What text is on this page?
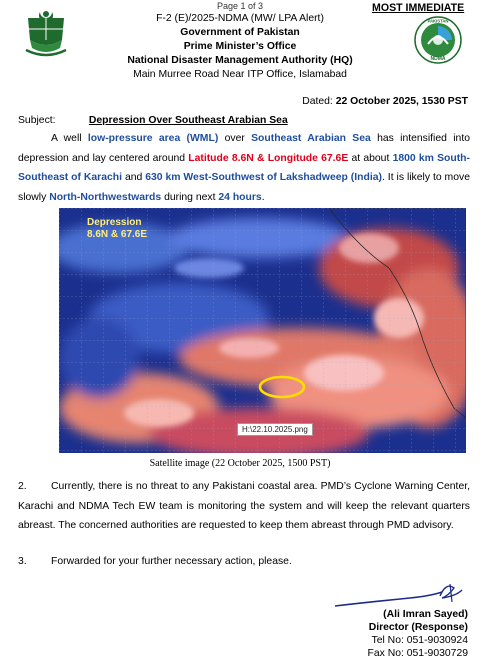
Page 1 of 3
F-2 (E)/2025-NDMA (MW/ LPA Alert)
Government of Pakistan
Prime Minister’s Office
National Disaster Management Authority (HQ)
Main Murree Road Near ITP Office, Islamabad
MOST IMMEDIATE
PAKISTAN
NDMA
Dated: 22 October 2025, 1530 PST
Subject:	Depression Over Southeast Arabian Sea
A well low-pressure area (WML) over Southeast Arabian Sea has intensified into depression and lay centered around Latitude 8.6N & Longitude 67.6E at about 1800 km South-Southeast of Karachi and 630 km West-Southwest of Lakshadweep (India). It is likely to move slowly North-Northwestwards during next 24 hours.
Depression
8.6N & 67.6E
H:\22.10.2025.png
Satellite image (22 October 2025, 1500 PST)
2. Currently, there is no threat to any Pakistani coastal area. PMD’s Cyclone Warning Center, Karachi and NDMA Tech EW team is monitoring the system and will keep the relevant quarters abreast. The concerned authorities are requested to keep them abreast through PMD advisory.
3. Forwarded for your further necessary action, please.
(Ali Imran Sayed)
Director (Response)
Tel No: 051-9030924
Fax No: 051-9030729
